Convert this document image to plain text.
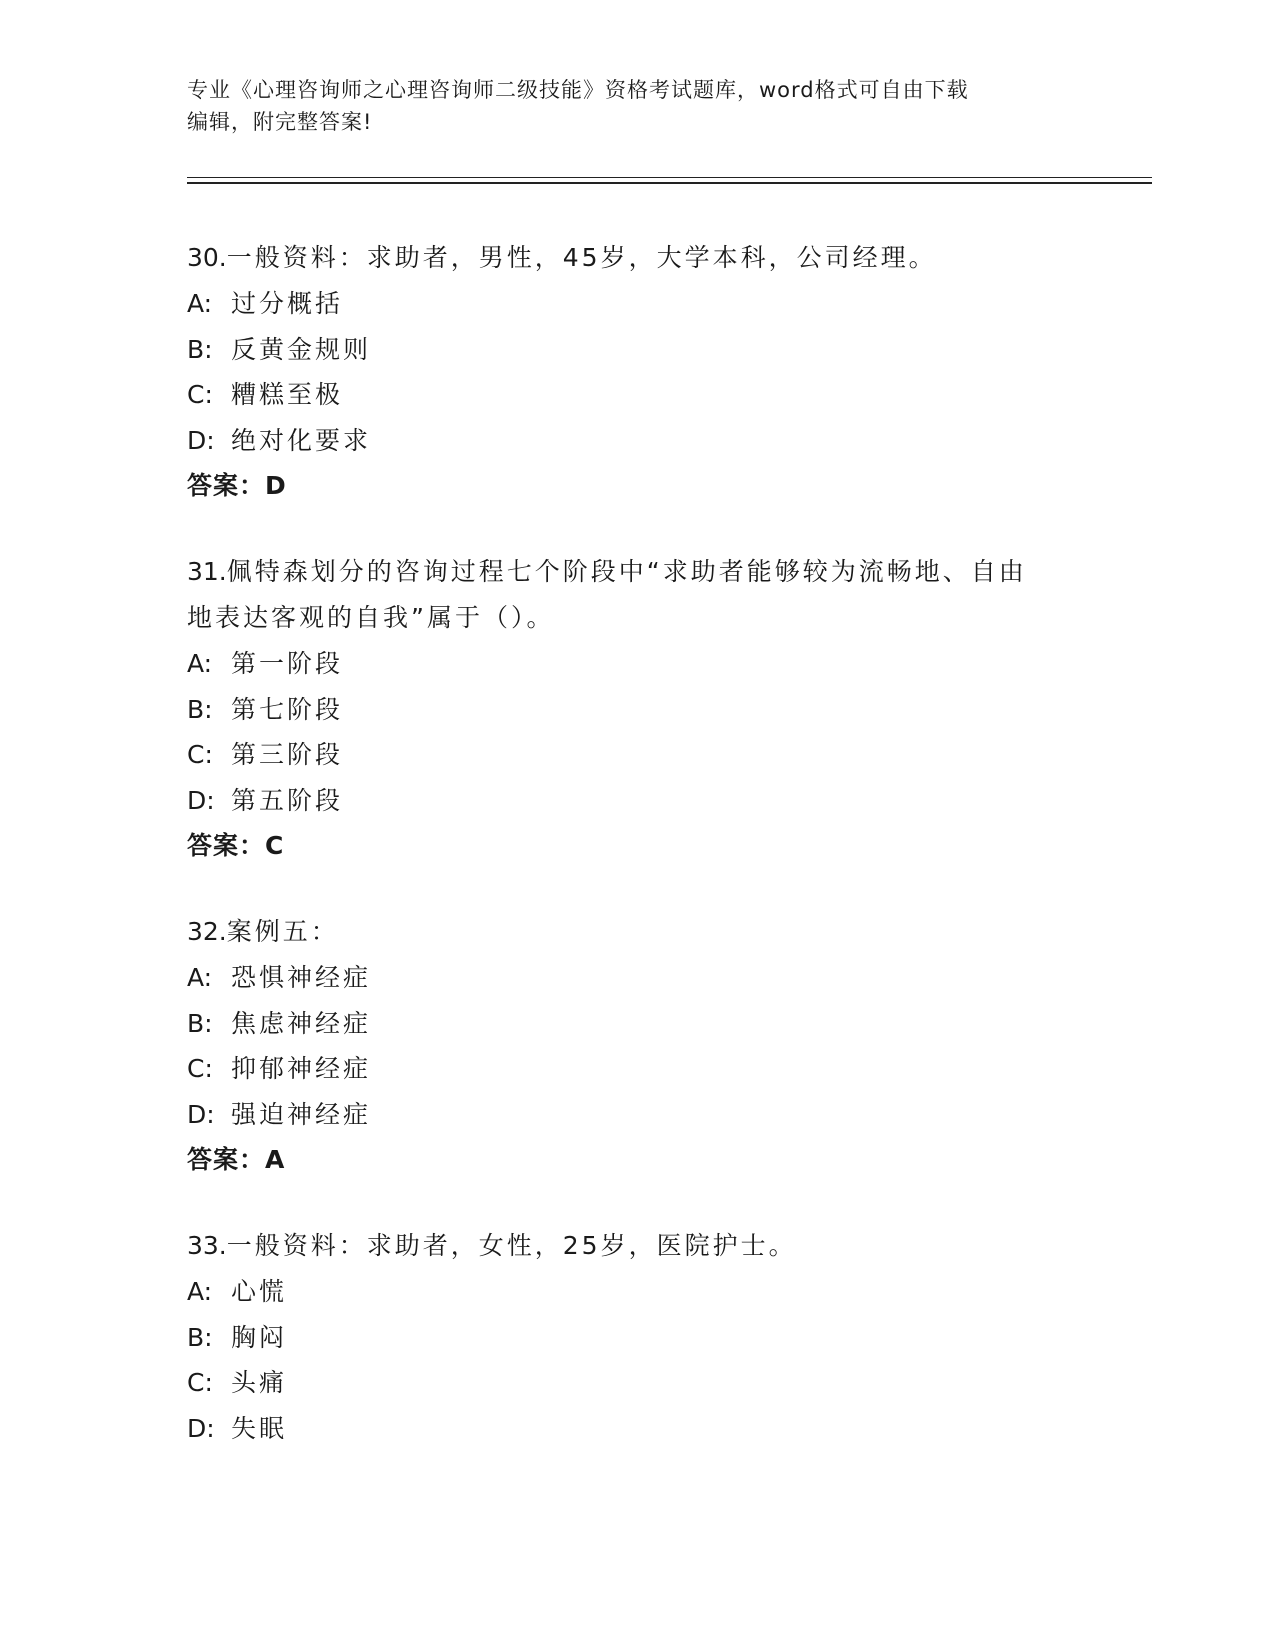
专业《心理咨询师之心理咨询师二级技能》资格考试题库，word格式可自由下载
编辑，附完整答案!

30.一般资料：求助者，男性，45岁，大学本科，公司经理。

A: 过分概括
B: 反黄金规则
C: 糟糕至极
D: 绝对化要求

答案：D

31.佩特森划分的咨询过程七个阶段中“求助者能够较为流畅地、自由

地表达客观的自我”属于（）。

A: 第一阶段
B: 第七阶段
C: 第三阶段
D: 第五阶段

答案：C

32.案例五：

A: 恐惧神经症
B: 焦虑神经症
C: 抑郁神经症
D: 强迫神经症

答案：A

33.一般资料：求助者，女性，25岁，医院护士。

A: 心慌
B: 胸闷
C: 头痛
D: 失眠
